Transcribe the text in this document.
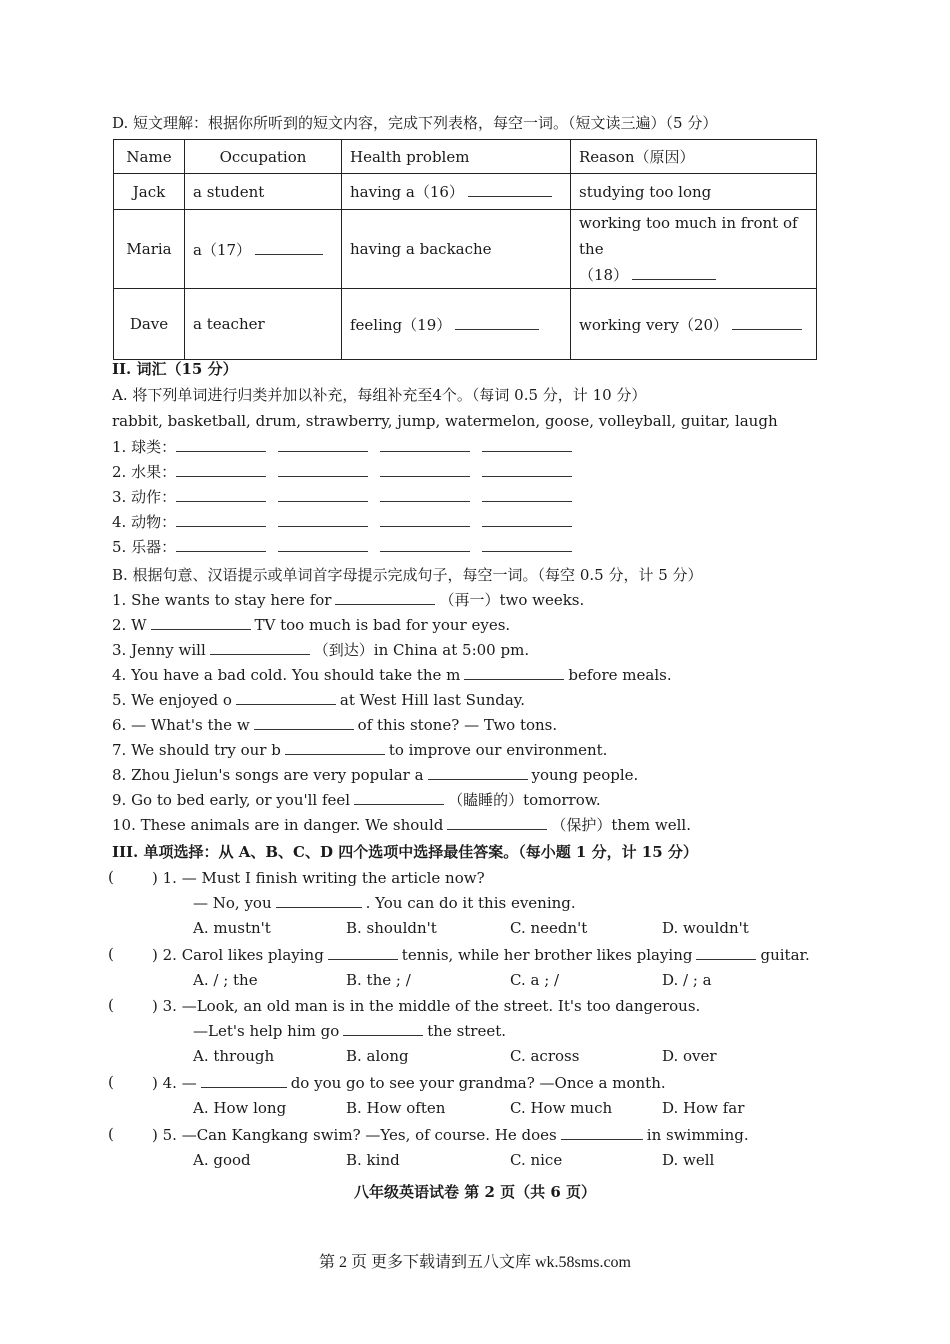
D. 短文理解：根据你所听到的短文内容，完成下列表格，每空一词。（短文读三遍）（5 分）
Name	Occupation	Health problem	Reason（原因）
Jack	a student	having a（16）	studying too long
Maria	a（17）	having a backache	working too much in front of the
（18）
Dave	a teacher	feeling（19）	working very（20）
II. 词汇（15 分）
A. 将下列单词进行归类并加以补充，每组补充至4个。（每词 0.5 分，计 10 分）
rabbit, basketball, drum, strawberry, jump, watermelon, goose, volleyball, guitar, laugh
1. 球类：
2. 水果：
3. 动作：
4. 动物：
5. 乐器：
B. 根据句意、汉语提示或单词首字母提示完成句子，每空一词。（每空 0.5 分，计 5 分）
1. She wants to stay here for	（再一）two weeks.
2. W	TV too much is bad for your eyes.
3. Jenny will	（到达）in China at 5:00 pm.
4. You have a bad cold. You should take the m	before meals.
5. We enjoyed o	at West Hill last Sunday.
6. — What's the w	of this stone? — Two tons.
7. We should try our b	to improve our environment.
8. Zhou Jielun's songs are very popular a	young people.
9. Go to bed early, or you'll feel	（瞌睡的）tomorrow.
10. These animals are in danger. We should	（保护）them well.
III. 单项选择：从 A、B、C、D 四个选项中选择最佳答案。（每小题 1 分，计 15 分）
(	) 1. — Must I finish writing the article now?
— No, you	. You can do it this evening.
A. mustn't	B. shouldn't	C. needn't	D. wouldn't
(	) 2. Carol likes playing	tennis, while her brother likes playing	guitar.
A. / ; the	B. the ; /	C. a ; /	D. / ; a
(	) 3. —Look, an old man is in the middle of the street. It's too dangerous.
—Let's help him go	the street.
A. through	B. along	C. across	D. over
(	) 4. —	do you go to see your grandma? —Once a month.
A. How long	B. How often	C. How much	D. How far
(	) 5. —Can Kangkang swim? —Yes, of course. He does	in swimming.
A. good	B. kind	C. nice	D. well
八年级英语试卷 第 2 页（共 6 页）
第 2 页 更多下载请到五八文库 wk.58sms.com
